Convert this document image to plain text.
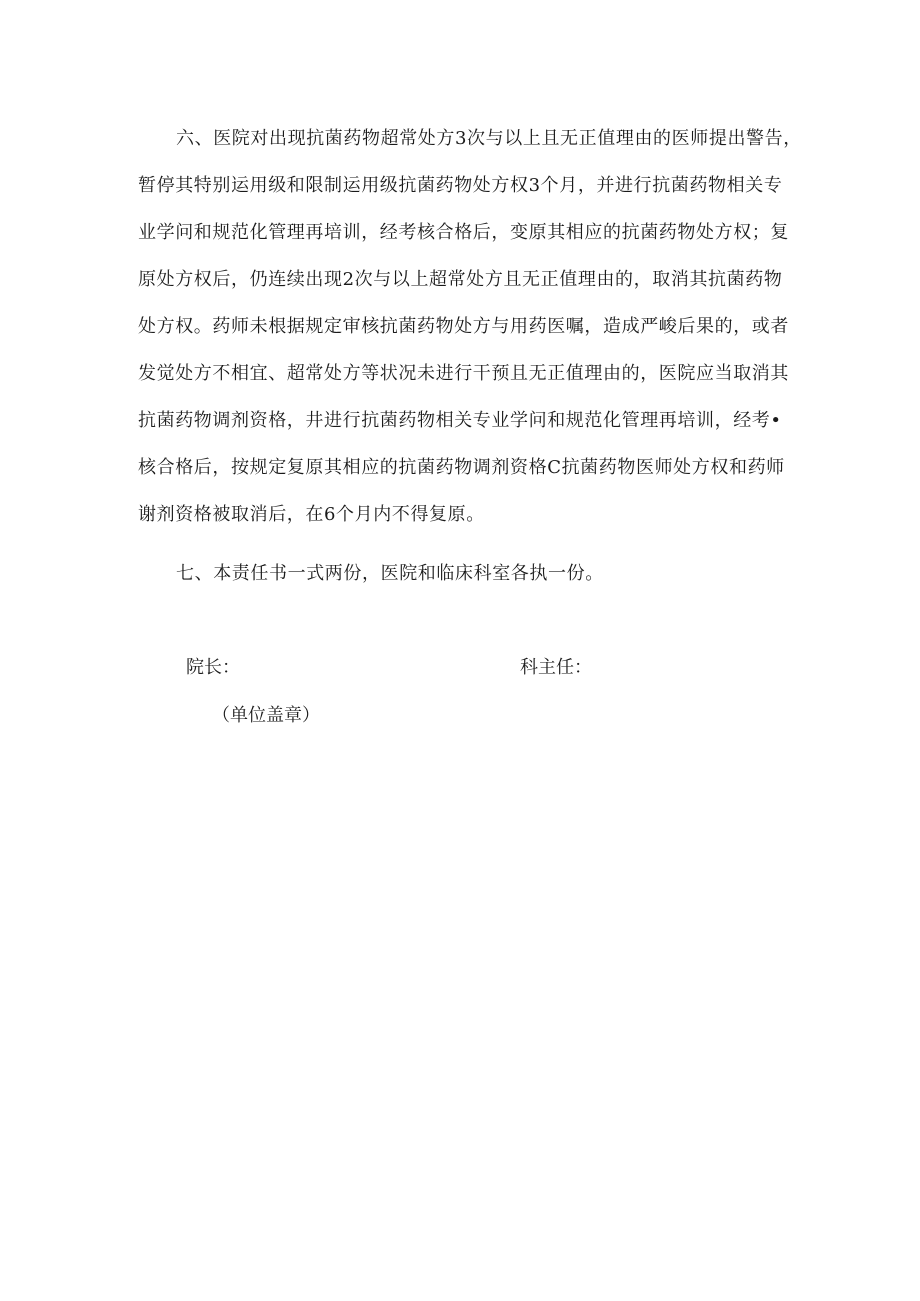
六、医院对出现抗菌药物超常处方3次与以上且无正值理由的医师提出警告，
暂停其特别运用级和限制运用级抗菌药物处方权3个月，并进行抗菌药物相关专
业学问和规范化管理再培训，经考核合格后，变原其相应的抗菌药物处方权；复
原处方权后，仍连续出现2次与以上超常处方且无正值理由的，取消其抗菌药物
处方权。药师未根据规定审核抗菌药物处方与用药医嘱，造成严峻后果的，或者
发觉处方不相宜、超常处方等状况未进行干预且无正值理由的，医院应当取消其
抗菌药物调剂资格，井进行抗菌药物相关专业学问和规范化管理再培训，经考•
核合格后，按规定复原其相应的抗菌药物调剂资格C抗菌药物医师处方权和药师
谢剂资格被取消后，在6个月内不得复原。
七、本责任书一式两份，医院和临床科室各执一份。
院长：	科主任：
（单位盖章）
